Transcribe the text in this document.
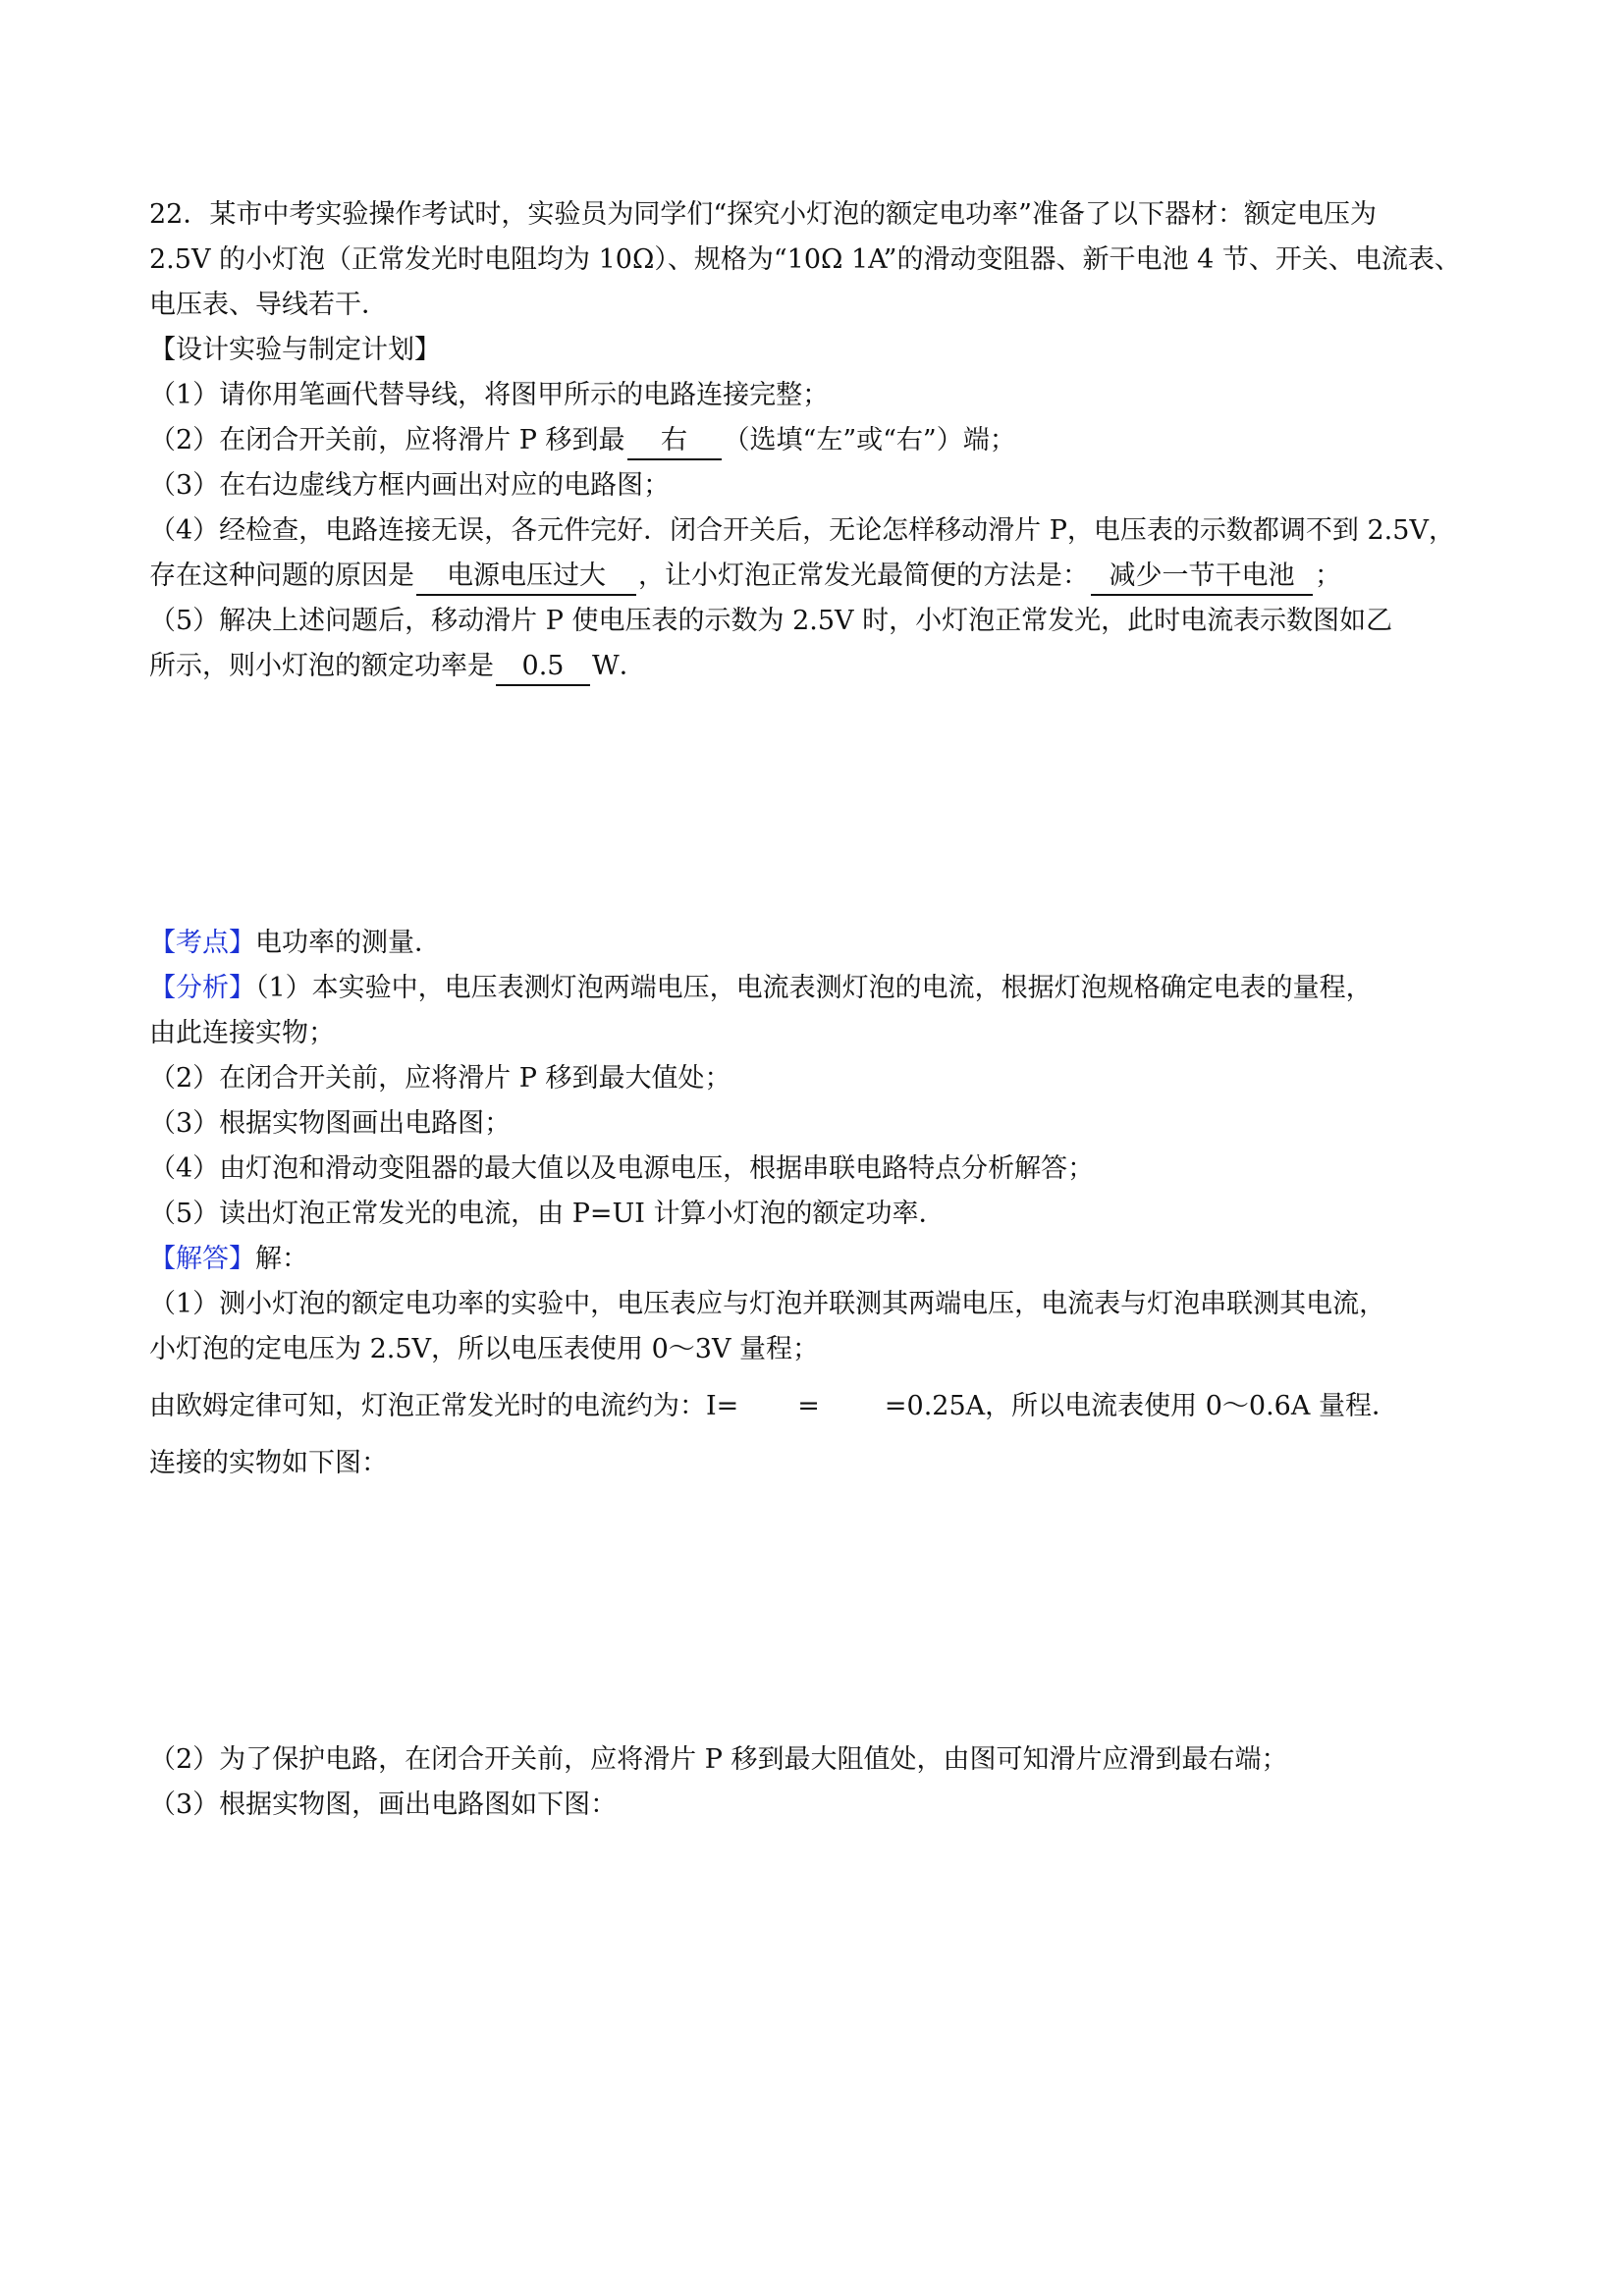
22．某市中考实验操作考试时，实验员为同学们“探究小灯泡的额定电功率”准备了以下器材：额定电压为

2.5V 的小灯泡（正常发光时电阻均为 10Ω）、规格为“10Ω 1A”的滑动变阻器、新干电池 4 节、开关、电流表、

电压表、导线若干．

【设计实验与制定计划】

（1）请你用笔画代替导线，将图甲所示的电路连接完整；

（2）在闭合开关前，应将滑片 P 移到最 右 （选填“左”或“右”）端；

（3）在右边虚线方框内画出对应的电路图；

（4）经检查，电路连接无误，各元件完好．闭合开关后，无论怎样移动滑片 P，电压表的示数都调不到 2.5V，

存在这种问题的原因是 电源电压过大 ，让小灯泡正常发光最简便的方法是： 减少一节干电池 ；

（5）解决上述问题后，移动滑片 P 使电压表的示数为 2.5V 时，小灯泡正常发光，此时电流表示数图如乙

所示，则小灯泡的额定功率是 0.5 W．

【考点】电功率的测量．

【分析】（1）本实验中，电压表测灯泡两端电压，电流表测灯泡的电流，根据灯泡规格确定电表的量程，

由此连接实物；

（2）在闭合开关前，应将滑片 P 移到最大值处；

（3）根据实物图画出电路图；

（4）由灯泡和滑动变阻器的最大值以及电源电压，根据串联电路特点分析解答；

（5）读出灯泡正常发光的电流，由 P=UI 计算小灯泡的额定功率．

【解答】解：

（1）测小灯泡的额定电功率的实验中，电压表应与灯泡并联测其两端电压，电流表与灯泡串联测其电流，

小灯泡的定电压为 2.5V，所以电压表使用 0～3V 量程；

由欧姆定律可知，灯泡正常发光时的电流约为：I= = =0.25A，所以电流表使用 0～0.6A 量程．

连接的实物如下图：

（2）为了保护电路，在闭合开关前，应将滑片 P 移到最大阻值处，由图可知滑片应滑到最右端；

（3）根据实物图，画出电路图如下图：
